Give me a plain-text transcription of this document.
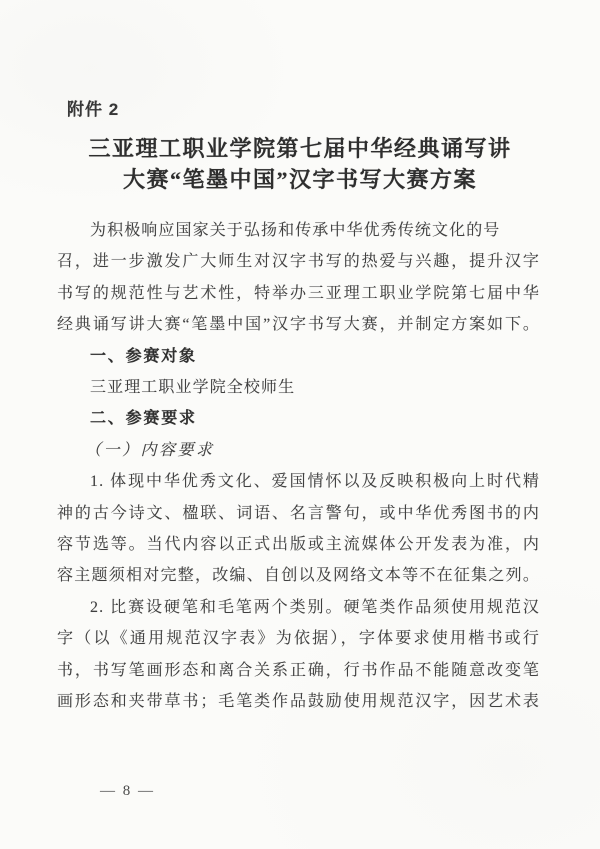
附件 2
三亚理工职业学院第七届中华经典诵写讲
大赛“笔墨中国”汉字书写大赛方案
为积极响应国家关于弘扬和传承中华优秀传统文化的号
召，进一步激发广大师生对汉字书写的热爱与兴趣，提升汉字
书写的规范性与艺术性，特举办三亚理工职业学院第七届中华
经典诵写讲大赛“笔墨中国”汉字书写大赛，并制定方案如下。
一、参赛对象
三亚理工职业学院全校师生
二、参赛要求
（一）内容要求
1. 体现中华优秀文化、爱国情怀以及反映积极向上时代精
神的古今诗文、楹联、词语、名言警句，或中华优秀图书的内
容节选等。当代内容以正式出版或主流媒体公开发表为准，内
容主题须相对完整，改编、自创以及网络文本等不在征集之列。
2. 比赛设硬笔和毛笔两个类别。硬笔类作品须使用规范汉
字（以《通用规范汉字表》为依据），字体要求使用楷书或行
书，书写笔画形态和离合关系正确，行书作品不能随意改变笔
画形态和夹带草书；毛笔类作品鼓励使用规范汉字，因艺术表
— 8 —
